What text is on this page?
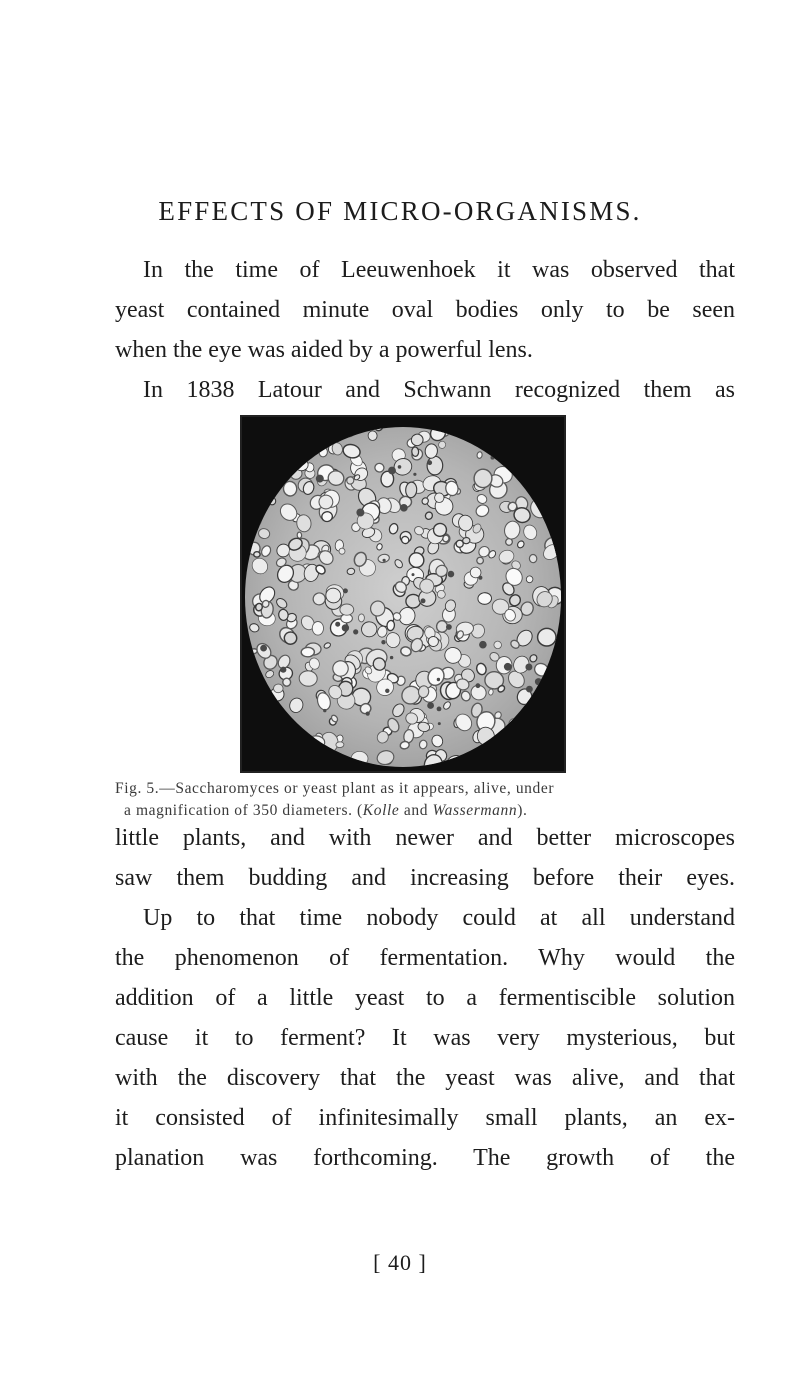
EFFECTS OF MICRO-ORGANISMS.
In the time of Leeuwenhoek it was observed that
yeast contained minute oval bodies only to be seen
when the eye was aided by a powerful lens.
In 1838 Latour and Schwann recognized them as
Fig. 5.—Saccharomyces or yeast plant as it appears, alive, under
a magnification of 350 diameters. (Kolle and Wassermann).
little plants, and with newer and better microscopes
saw them budding and increasing before their eyes.
Up to that time nobody could at all understand
the phenomenon of fermentation. Why would the
addition of a little yeast to a fermentiscible solution
cause it to ferment? It was very mysterious, but
with the discovery that the yeast was alive, and that
it consisted of infinitesimally small plants, an ex-
planation was forthcoming. The growth of the
[ 40 ]
